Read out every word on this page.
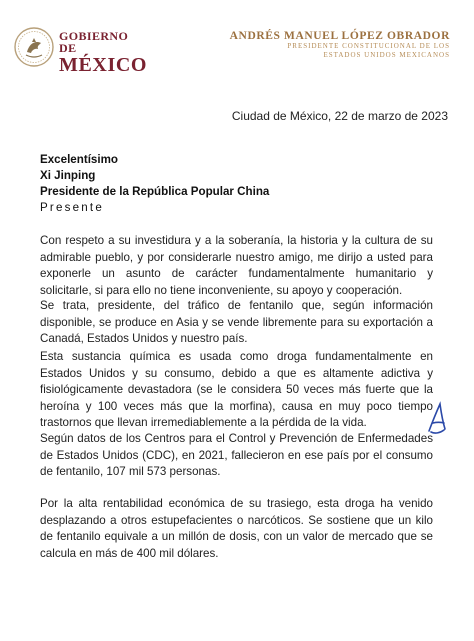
GOBIERNO DE
MÉXICO
ANDRÉS MANUEL LÓPEZ OBRADOR
PRESIDENTE CONSTITUCIONAL DE LOS
ESTADOS UNIDOS MEXICANOS
Ciudad de México, 22 de marzo de 2023
Excelentísimo
Xi Jinping
Presidente de la República Popular China
Presente
Con respeto a su investidura y a la soberanía, la historia y la cultura de su admirable pueblo, y por considerarle nuestro amigo, me dirijo a usted para exponerle un asunto de carácter fundamentalmente humanitario y solicitarle, si para ello no tiene inconveniente, su apoyo y cooperación.
Se trata, presidente, del tráfico de fentanilo que, según información disponible, se produce en Asia y se vende libremente para su exportación a Canadá, Estados Unidos y nuestro país.
Esta sustancia química es usada como droga fundamentalmente en Estados Unidos y su consumo, debido a que es altamente adictiva y fisiológicamente devastadora (se le considera 50 veces más fuerte que la heroína y 100 veces más que la morfina), causa en muy poco tiempo trastornos que llevan irremediablemente a la pérdida de la vida.
Según datos de los Centros para el Control y Prevención de Enfermedades de Estados Unidos (CDC), en 2021, fallecieron en ese país por el consumo de fentanilo, 107 mil 573 personas.
Por la alta rentabilidad económica de su trasiego, esta droga ha venido desplazando a otros estupefacientes o narcóticos. Se sostiene que un kilo de fentanilo equivale a un millón de dosis, con un valor de mercado que se calcula en más de 400 mil dólares.
